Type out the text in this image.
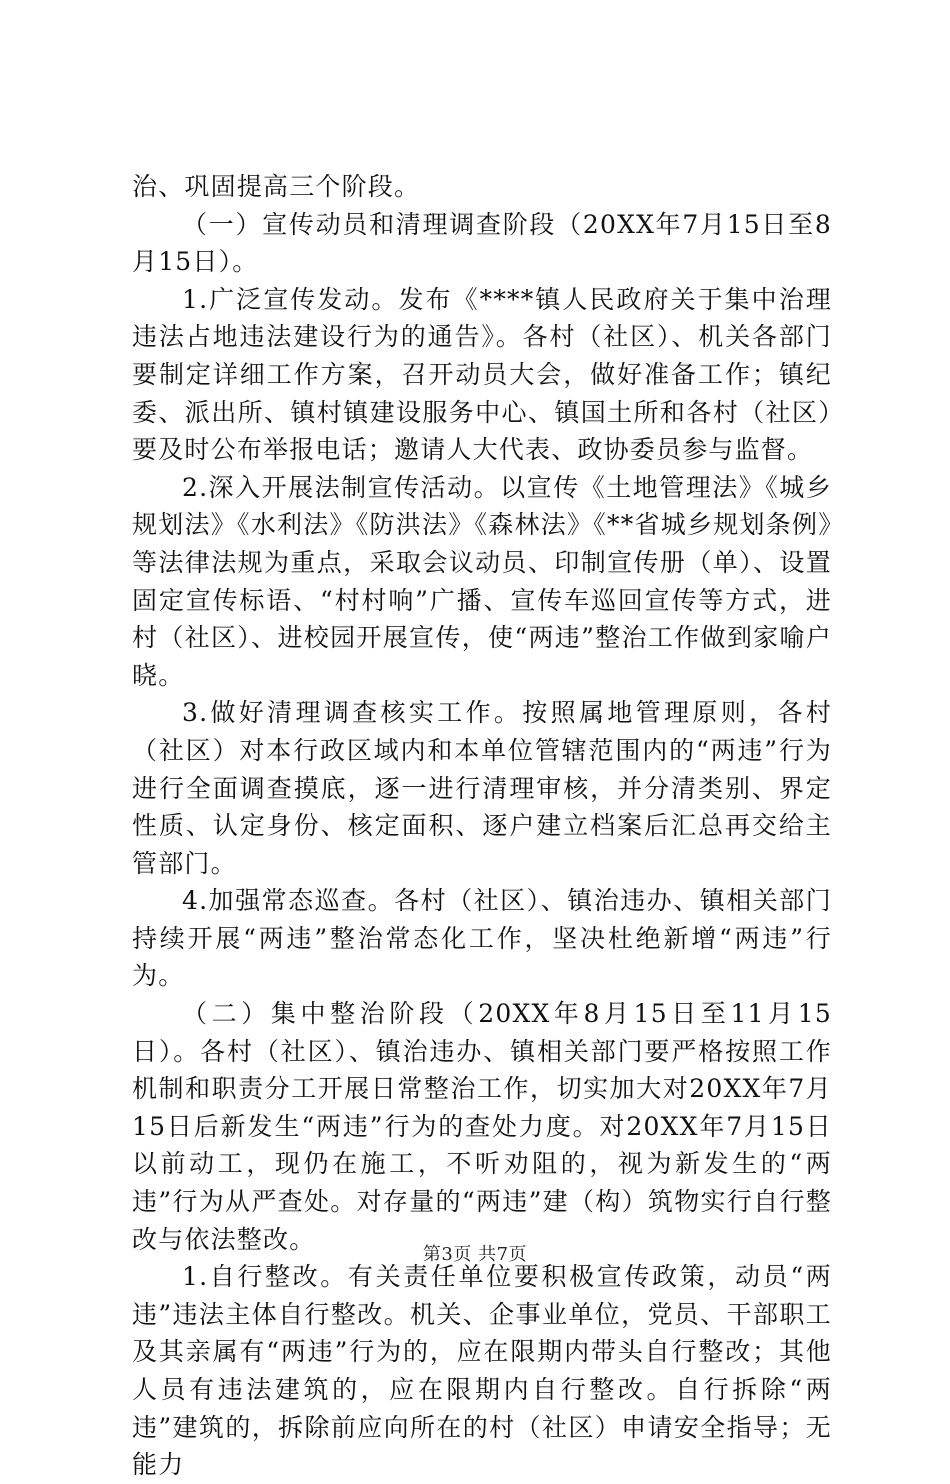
治、巩固提高三个阶段。

（一）宣传动员和清理调查阶段（20XX年7月15日至8月15日）。

1.广泛宣传发动。发布《****镇人民政府关于集中治理违法占地违法建设行为的通告》。各村（社区）、机关各部门要制定详细工作方案，召开动员大会，做好准备工作；镇纪委、派出所、镇村镇建设服务中心、镇国土所和各村（社区）要及时公布举报电话；邀请人大代表、政协委员参与监督。

2.深入开展法制宣传活动。以宣传《土地管理法》《城乡规划法》《水利法》《防洪法》《森林法》《**省城乡规划条例》等法律法规为重点，采取会议动员、印制宣传册（单）、设置固定宣传标语、“村村响”广播、宣传车巡回宣传等方式，进村（社区）、进校园开展宣传，使“两违”整治工作做到家喻户晓。

3.做好清理调查核实工作。按照属地管理原则，各村（社区）对本行政区域内和本单位管辖范围内的“两违”行为进行全面调查摸底，逐一进行清理审核，并分清类别、界定性质、认定身份、核定面积、逐户建立档案后汇总再交给主管部门。

4.加强常态巡查。各村（社区）、镇治违办、镇相关部门持续开展“两违”整治常态化工作，坚决杜绝新增“两违”行为。

（二）集中整治阶段（20XX年8月15日至11月15日）。各村（社区）、镇治违办、镇相关部门要严格按照工作机制和职责分工开展日常整治工作，切实加大对20XX年7月15日后新发生“两违”行为的查处力度。对20XX年7月15日以前动工，现仍在施工，不听劝阻的，视为新发生的“两违”行为从严查处。对存量的“两违”建（构）筑物实行自行整改与依法整改。

1.自行整改。有关责任单位要积极宣传政策，动员“两违”违法主体自行整改。机关、企事业单位，党员、干部职工及其亲属有“两违”行为的，应在限期内带头自行整改；其他人员有违法建筑的，应在限期内自行整改。自行拆除“两违”建筑的，拆除前应向所在的村（社区）申请安全指导；无能力

第3页 共7页
